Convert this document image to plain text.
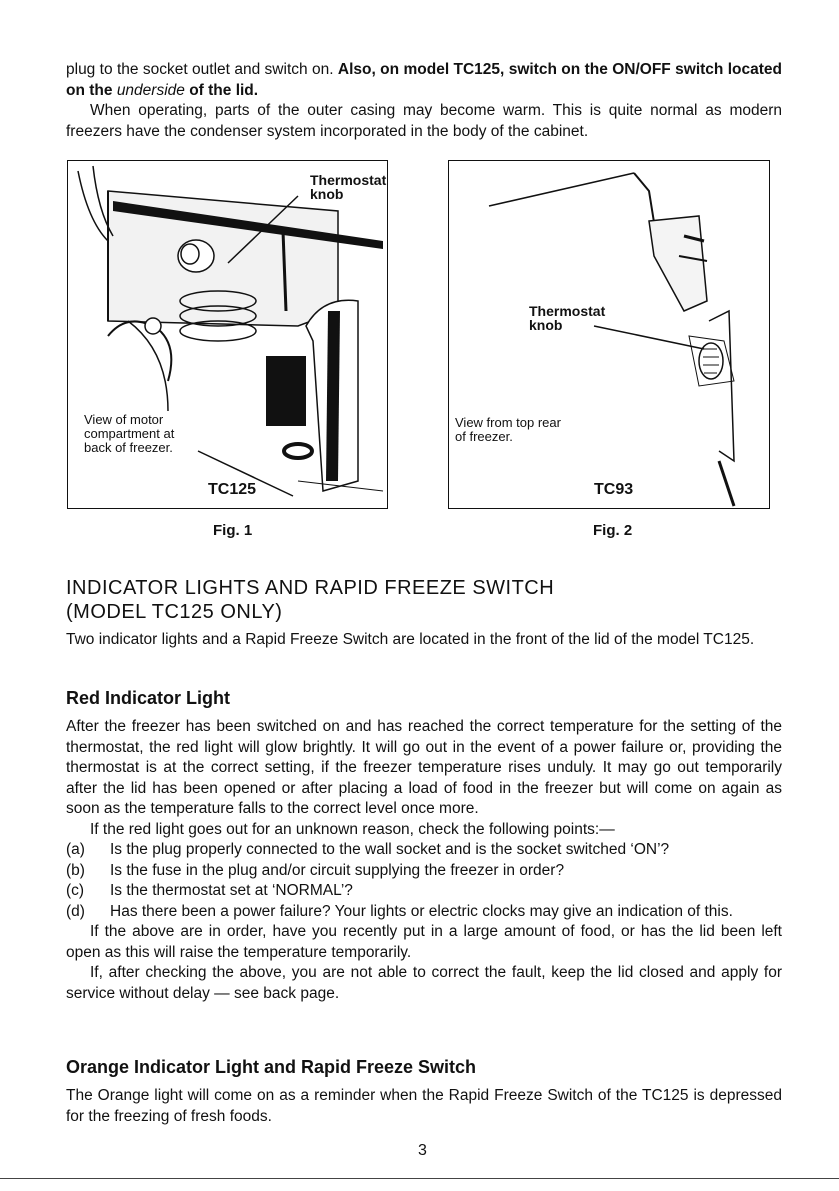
plug to the socket outlet and switch on. Also, on model TC125, switch on the ON/OFF switch located on the underside of the lid.

When operating, parts of the outer casing may become warm. This is quite normal as modern freezers have the condenser system incorporated in the body of the cabinet.

Thermostat knob
View of motor compartment at back of freezer.
TC125
Fig. 1
Thermostat knob
View from top rear of freezer.
TC93
Fig. 2
INDICATOR LIGHTS AND RAPID FREEZE SWITCH
(MODEL TC125 ONLY)

Two indicator lights and a Rapid Freeze Switch are located in the front of the lid of the model TC125.

Red Indicator Light

After the freezer has been switched on and has reached the correct temperature for the setting of the thermostat, the red light will glow brightly. It will go out in the event of a power failure or, providing the thermostat is at the correct setting, if the freezer temperature rises unduly. It may go out temporarily after the lid has been opened or after placing a load of food in the freezer but will come on again as soon as the temperature falls to the correct level once more.

If the red light goes out for an unknown reason, check the following points:—

(a)	Is the plug properly connected to the wall socket and is the socket switched ‘ON’?
(b)	Is the fuse in the plug and/or circuit supplying the freezer in order?
(c)	Is the thermostat set at ‘NORMAL’?
(d)	Has there been a power failure? Your lights or electric clocks may give an indication of this.

If the above are in order, have you recently put in a large amount of food, or has the lid been left open as this will raise the temperature temporarily.

If, after checking the above, you are not able to correct the fault, keep the lid closed and apply for service without delay — see back page.

Orange Indicator Light and Rapid Freeze Switch

The Orange light will come on as a reminder when the Rapid Freeze Switch of the TC125 is depressed for the freezing of fresh foods.

3
